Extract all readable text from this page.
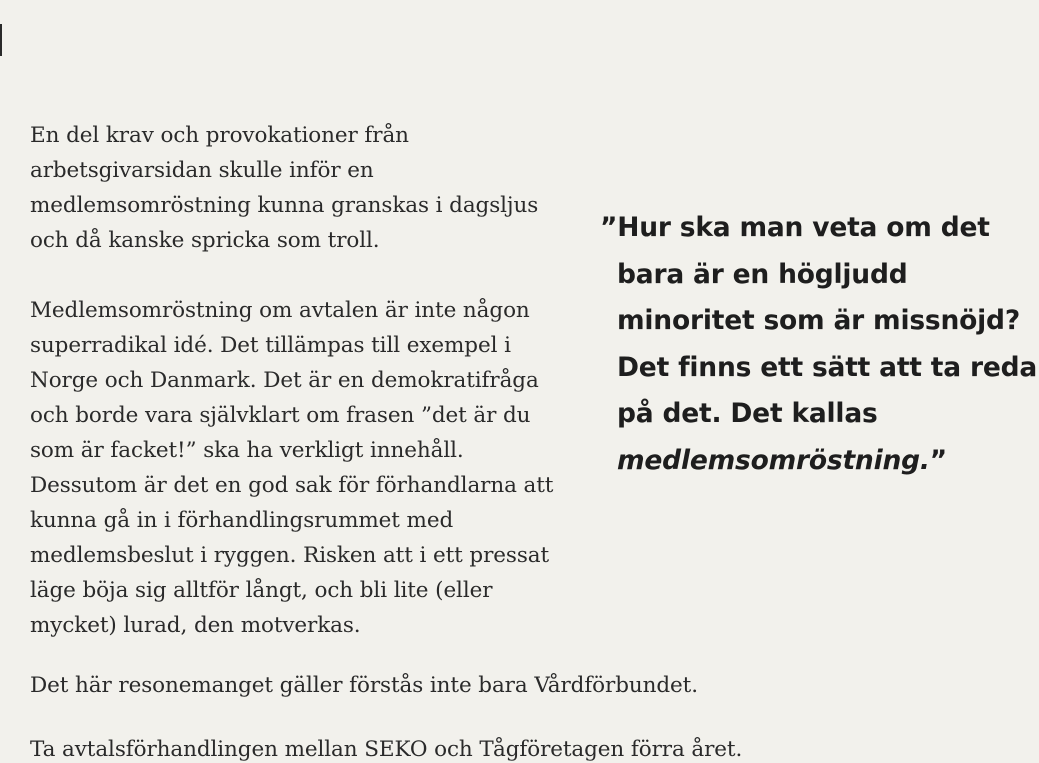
En del krav och provokationer från arbetsgivarsidan skulle inför en medlemsomröstning kunna granskas i dagsljus och då kanske spricka som troll.

Medlemsomröstning om avtalen är inte någon superradikal idé. Det tillämpas till exempel i Norge och Danmark. Det är en demokratifråga och borde vara självklart om frasen ”det är du som är facket!” ska ha verkligt innehåll. Dessutom är det en god sak för förhandlarna att kunna gå in i förhandlingsrummet med medlemsbeslut i ryggen. Risken att i ett pressat läge böja sig alltför långt, och bli lite (eller mycket) lurad, den motverkas.

Det här resonemanget gäller förstås inte bara Vårdförbundet.

Ta avtalsförhandlingen mellan SEKO och Tågföretagen förra året.

”Hur ska man veta om det
bara är en högljudd
minoritet som är missnöjd?
Det finns ett sätt att ta reda
på det. Det kallas
medlemsomröstning.”
